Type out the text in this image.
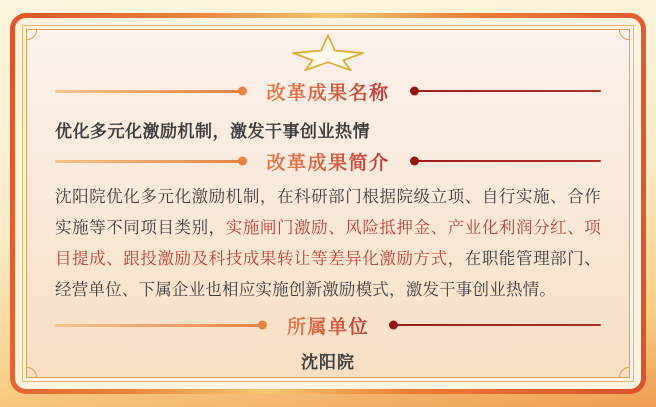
改革成果名称
优化多元化激励机制，激发干事创业热情
改革成果简介
沈阳院优化多元化激励机制，在科研部门根据院级立项、自行实施、合作实施等不同项目类别，实施闸门激励、风险抵押金、产业化利润分红、项目提成、跟投激励及科技成果转让等差异化激励方式，在职能管理部门、经营单位、下属企业也相应实施创新激励模式，激发干事创业热情。
所属单位
沈阳院
